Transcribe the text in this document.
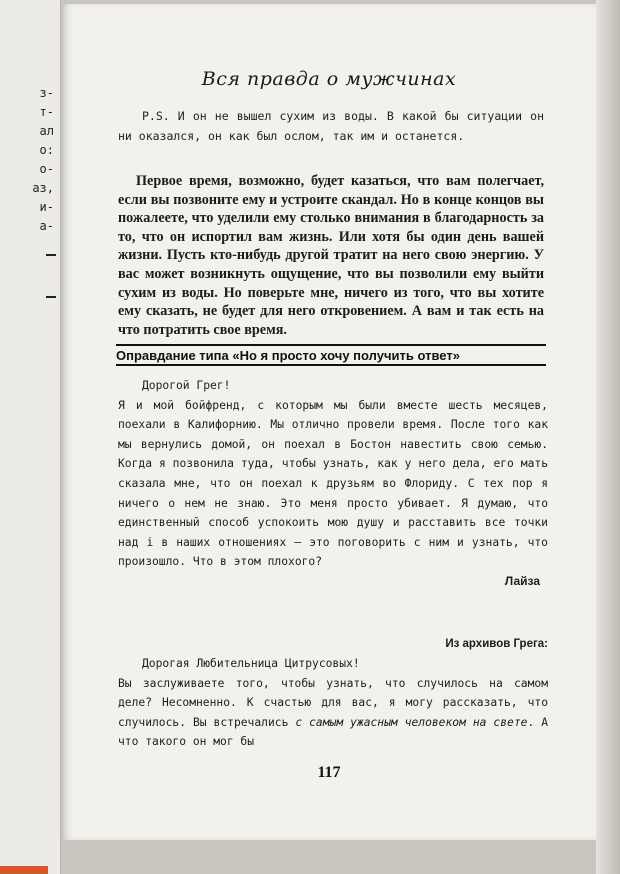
з-
т-
ал
о:
о-
аз,
и-
а-
Вся правда о мужчинах
P.S. И он не вышел сухим из воды. В какой бы ситуации он ни оказался, он как был ослом, так им и останется.
Первое время, возможно, будет казаться, что вам полегчает, если вы позвоните ему и устроите скандал. Но в конце концов вы пожалеете, что уделили ему столько внимания в благодарность за то, что он испортил вам жизнь. Или хотя бы один день вашей жизни. Пусть кто-нибудь другой тратит на него свою энергию. У вас может возникнуть ощущение, что вы позволили ему выйти сухим из воды. Но поверьте мне, ничего из того, что вы хотите ему сказать, не будет для него откровением. А вам и так есть на что потратить свое время.
Оправдание типа «Но я просто хочу получить ответ»

Дорогой Грег!

Я и мой бойфренд, с которым мы были вместе шесть месяцев, поехали в Калифорнию. Мы отлично провели время. После того как мы вернулись домой, он поехал в Бостон навестить свою семью. Когда я позвонила туда, чтобы узнать, как у него дела, его мать сказала мне, что он поехал к друзьям во Флориду. С тех пор я ничего о нем не знаю. Это меня просто убивает. Я думаю, что единственный способ успокоить мою душу и расставить все точки над i в наших отношениях – это поговорить с ним и узнать, что произошло. Что в этом плохого?

Лайза

Из архивов Грега:
Дорогая Любительница Цитрусовых!
Вы заслуживаете того, чтобы узнать, что случилось на самом деле? Несомненно. К счастью для вас, я могу рассказать, что случилось. Вы встречались с самым ужасным человеком на свете. А что такого он мог бы
117
